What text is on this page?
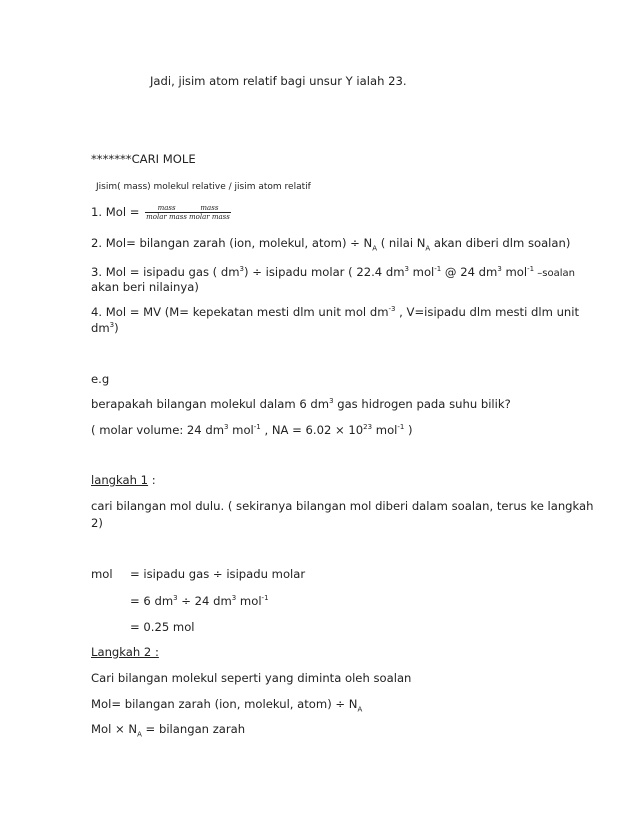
Jadi, jisim atom relatif bagi unsur Y ialah 23.
*******CARI MOLE
Jisim( mass) molekul relative / jisim atom relatif
1. Mol = $\frac{\text{mass}}{\text{molar mass}} \frac{\text{mass}}{\text{molar mass}}$
2. Mol= bilangan zarah (ion, molekul, atom) ÷ $N_A$ ( nilai $N_A$ akan diberi dlm soalan)
3. Mol = isipadu gas ( $dm^3$) ÷ isipadu molar ( 22.4 $dm^3$ mol$^{-1}$ @ 24 $dm^3$ mol$^{-1}$ –soalan
akan beri nilainya)
4. Mol = MV (M= kepekatan mesti dlm unit mol $dm^{-3}$ , V=isipadu dlm mesti dlm unit
$dm^3$)
e.g
berapakah bilangan molekul dalam 6 $dm^3$ gas hidrogen pada suhu bilik?
( molar volume: 24 $dm^3$ mol$^{-1}$ , NA = $6.02 \times 10^{23}$ mol$^{-1}$ )
langkah 1 :
cari bilangan mol dulu. ( sekiranya bilangan mol diberi dalam soalan, terus ke langkah
2)
mol = isipadu gas ÷ isipadu molar
= 6 $dm^3 \div 24$ $dm^3$ mol$^{-1}$
= 0.25 mol
Langkah 2 :
Cari bilangan molekul seperti yang diminta oleh soalan
Mol= bilangan zarah (ion, molekul, atom) ÷ $N_A$
Mol × $N_A$ = bilangan zarah
